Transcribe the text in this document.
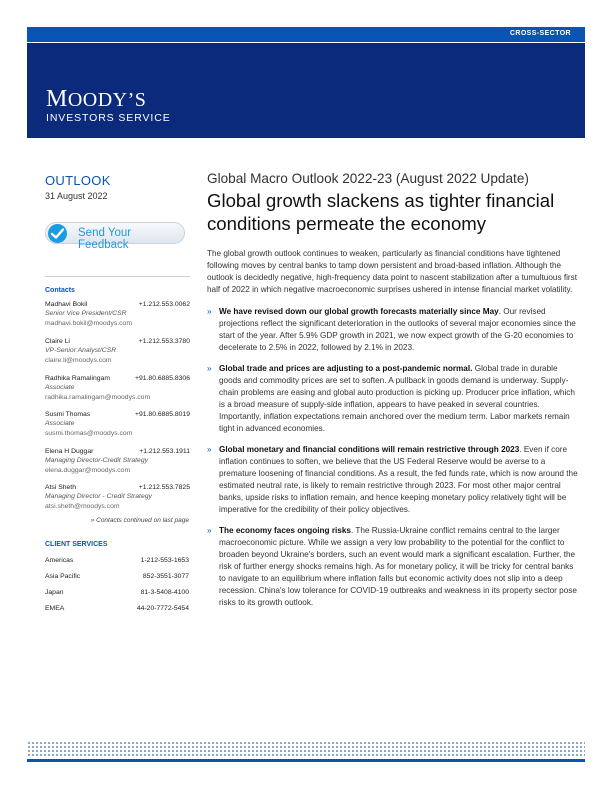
CROSS-SECTOR
MOODY’S
INVESTORS SERVICE
OUTLOOK
31 August 2022
Send Your Feedback
Contacts
Madhavi Bokil	+1.212.553.0062
Senior Vice President/CSR
madhavi.bokil@moodys.com
Claire Li	+1.212.553.3780
VP-Senior Analyst/CSR
claire.li@moodys.com
Radhika Ramalingam	+91.80.6885.8306
Associate
radhika.ramalingam@moodys.com
Susmi Thomas	+91.80.6885.8019
Associate
susmi.thomas@moodys.com
Elena H Duggar	+1.212.553.1911
Managing Director-Credit Strategy
elena.duggar@moodys.com
Atsi Sheth	+1.212.553.7825
Managing Director - Credit Strategy
atsi.sheth@moodys.com
» Contacts continued on last page
CLIENT SERVICES
Americas	1-212-553-1653
Asia Pacific	852-3551-3077
Japan	81-3-5408-4100
EMEA	44-20-7772-5454
Global Macro Outlook 2022-23 (August 2022 Update)
Global growth slackens as tighter financial conditions permeate the economy

The global growth outlook continues to weaken, particularly as financial conditions have tightened following moves by central banks to tamp down persistent and broad-based inflation. Although the outlook is decidedly negative, high-frequency data point to nascent stabilization after a tumultuous first half of 2022 in which negative macroeconomic surprises ushered in intense financial market volatility.

» We have revised down our global growth forecasts materially since May. Our revised projections reflect the significant deterioration in the outlooks of several major economies since the start of the year. After 5.9% GDP growth in 2021, we now expect growth of the G-20 economies to decelerate to 2.5% in 2022, followed by 2.1% in 2023.
» Global trade and prices are adjusting to a post-pandemic normal. Global trade in durable goods and commodity prices are set to soften. A pullback in goods demand is underway. Supply-chain problems are easing and global auto production is picking up. Producer price inflation, which is a broad measure of supply-side inflation, appears to have peaked in several countries. Importantly, inflation expectations remain anchored over the medium term. Labor markets remain tight in advanced economies.
» Global monetary and financial conditions will remain restrictive through 2023. Even if core inflation continues to soften, we believe that the US Federal Reserve would be averse to a premature loosening of financial conditions. As a result, the fed funds rate, which is now around the estimated neutral rate, is likely to remain restrictive through 2023. For most other major central banks, upside risks to inflation remain, and hence keeping monetary policy relatively tight will be imperative for the credibility of their policy objectives.
» The economy faces ongoing risks. The Russia-Ukraine conflict remains central to the larger macroeconomic picture. While we assign a very low probability to the potential for the conflict to broaden beyond Ukraine's borders, such an event would mark a significant escalation. Further, the risk of further energy shocks remains high. As for monetary policy, it will be tricky for central banks to navigate to an equilibrium where inflation falls but economic activity does not slip into a deep recession. China's low tolerance for COVID-19 outbreaks and weakness in its property sector pose risks to its growth outlook.
